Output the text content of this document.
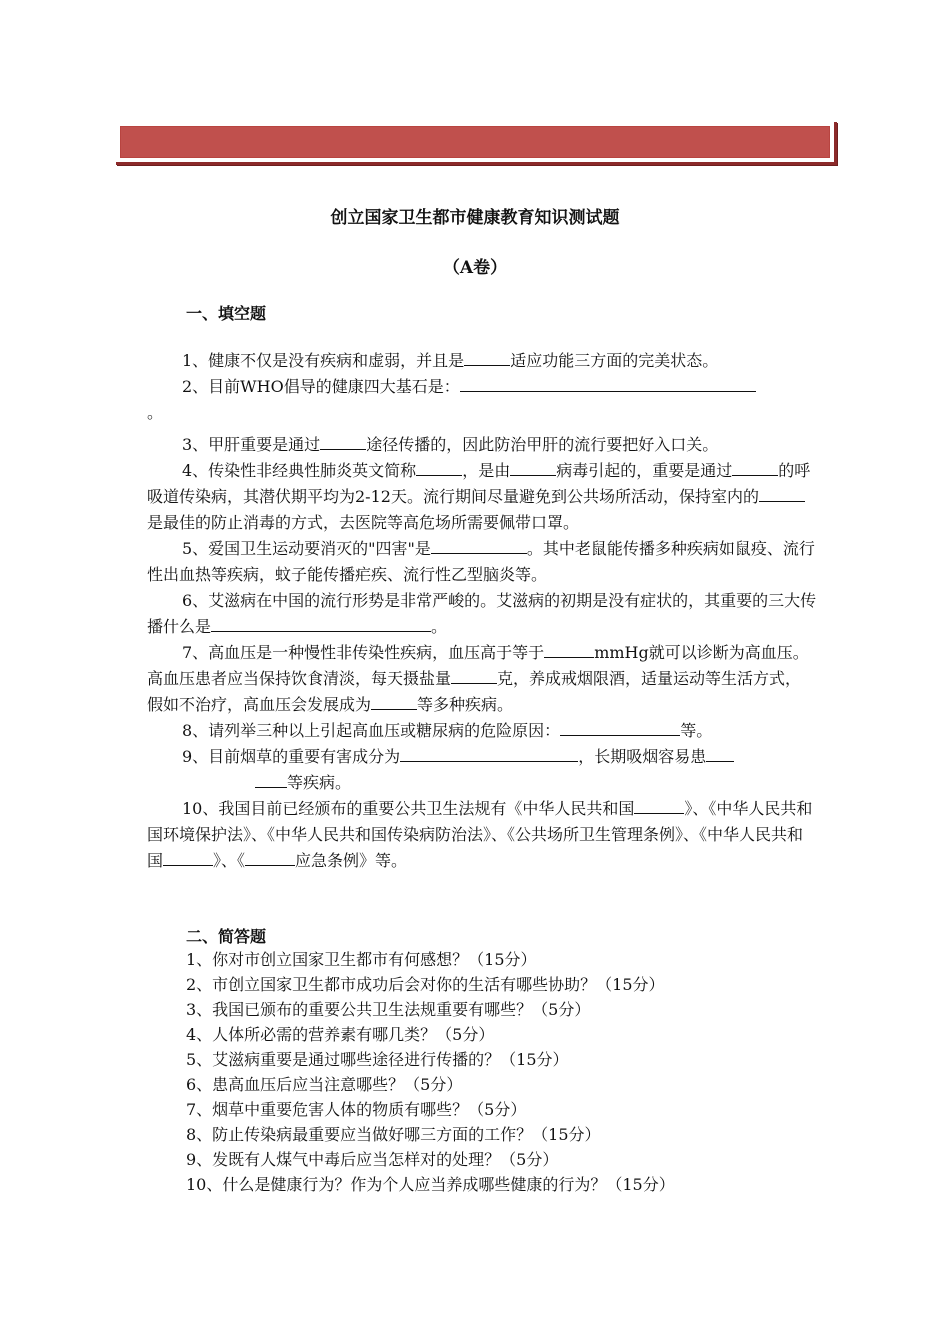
创立国家卫生都市健康教育知识测试题
（A卷）
一、填空题

1、健康不仅是没有疾病和虚弱，并且是	适应功能三方面的完美状态。

2、目前WHO倡导的健康四大基石是：

。

3、甲肝重要是通过	途径传播的，因此防治甲肝的流行要把好入口关。

4、传染性非经典性肺炎英文简称	，是由	病毒引起的，重要是通过	的呼吸道传染病，其潜伏期平均为2-12天。流行期间尽量避免到公共场所活动，保持室内的是最佳的防止消毒的方式，去医院等高危场所需要佩带口罩。

5、爱国卫生运动要消灭的"四害"是	。其中老鼠能传播多种疾病如鼠疫、流行性出血热等疾病，蚊子能传播疟疾、流行性乙型脑炎等。

6、艾滋病在中国的流行形势是非常严峻的。艾滋病的初期是没有症状的，其重要的三大传播什么是	。

7、高血压是一种慢性非传染性疾病，血压高于等于	mmHg就可以诊断为高血压。高血压患者应当保持饮食清淡，每天摄盐量	克，养成戒烟限酒，适量运动等生活方式，假如不治疗，高血压会发展成为	等多种疾病。

8、请列举三种以上引起高血压或糖尿病的危险原因：	等。

9、目前烟草的重要有害成分为	，长期吸烟容易患

等疾病。

10、我国目前已经颁布的重要公共卫生法规有《中华人民共和国	》、《中华人民共和国环境保护法》、《中华人民共和国传染病防治法》、《公共场所卫生管理条例》、《中华人民共和国	》、《	应急条例》等。

二、简答题

1、你对市创立国家卫生都市有何感想？（15分）

2、市创立国家卫生都市成功后会对你的生活有哪些协助？（15分）

3、我国已颁布的重要公共卫生法规重要有哪些？（5分）

4、人体所必需的营养素有哪几类？（5分）

5、艾滋病重要是通过哪些途径进行传播的？（15分）

6、患高血压后应当注意哪些？（5分）

7、烟草中重要危害人体的物质有哪些？（5分）

8、防止传染病最重要应当做好哪三方面的工作？（15分）

9、发既有人煤气中毒后应当怎样对的处理？（5分）

10、什么是健康行为？作为个人应当养成哪些健康的行为？（15分）
